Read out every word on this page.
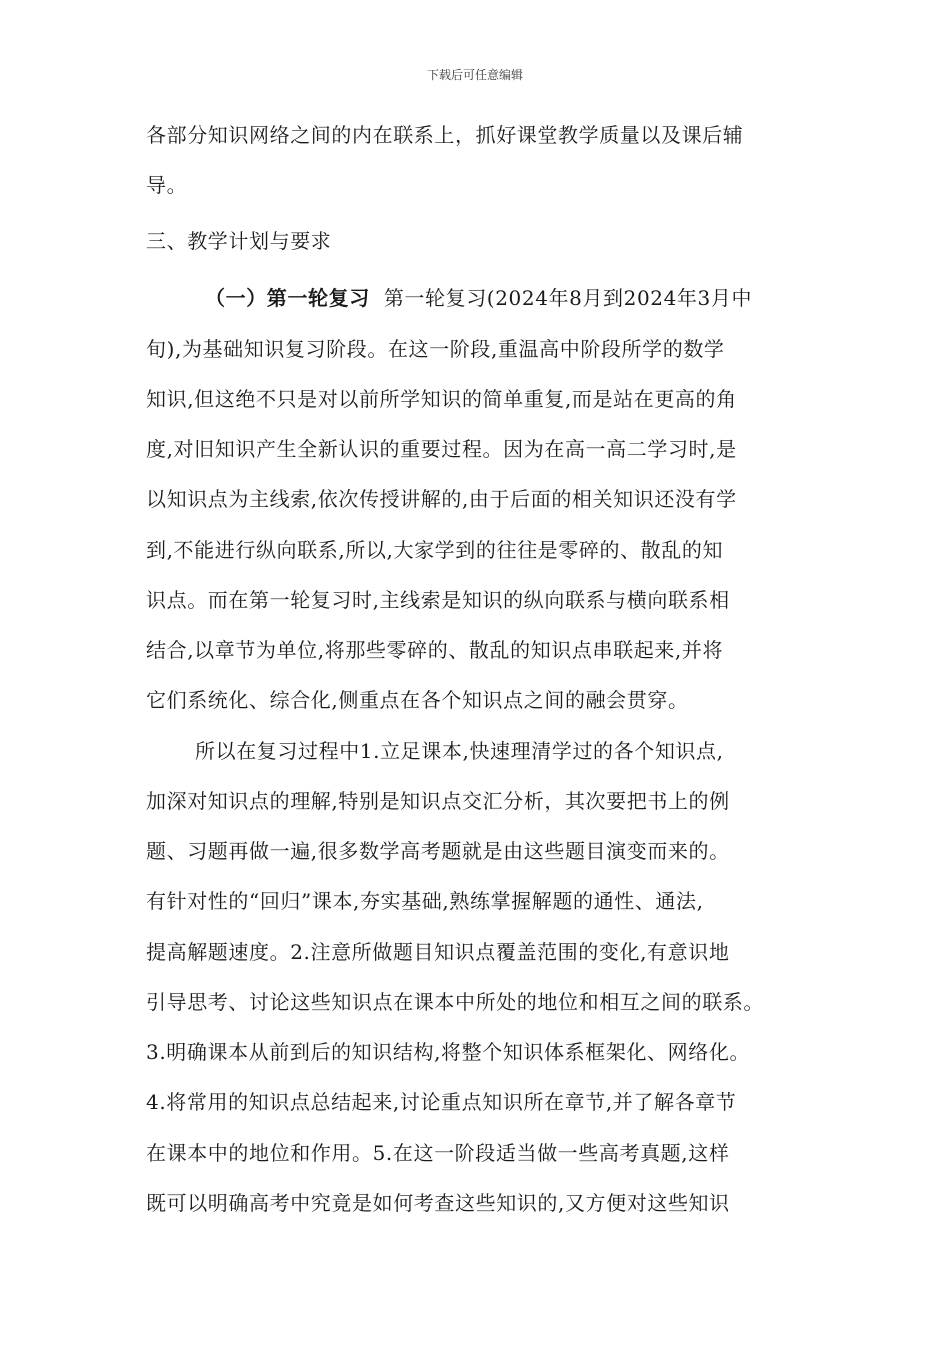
下载后可任意编辑
各部分知识网络之间的内在联系上，抓好课堂教学质量以及课后辅
导。
三、教学计划与要求
（一）第一轮复习 第一轮复习(2024年8月到2024年3月中
旬),为基础知识复习阶段。在这一阶段,重温高中阶段所学的数学
知识,但这绝不只是对以前所学知识的简单重复,而是站在更高的角
度,对旧知识产生全新认识的重要过程。因为在高一高二学习时,是
以知识点为主线索,依次传授讲解的,由于后面的相关知识还没有学
到,不能进行纵向联系,所以,大家学到的往往是零碎的、散乱的知
识点。而在第一轮复习时,主线索是知识的纵向联系与横向联系相
结合,以章节为单位,将那些零碎的、散乱的知识点串联起来,并将
它们系统化、综合化,侧重点在各个知识点之间的融会贯穿。
所以在复习过程中1.立足课本,快速理清学过的各个知识点,
加深对知识点的理解,特别是知识点交汇分析，其次要把书上的例
题、习题再做一遍,很多数学高考题就是由这些题目演变而来的。
有针对性的“回归”课本,夯实基础,熟练掌握解题的通性、通法,
提高解题速度。2.注意所做题目知识点覆盖范围的变化,有意识地
引导思考、讨论这些知识点在课本中所处的地位和相互之间的联系。
3.明确课本从前到后的知识结构,将整个知识体系框架化、网络化。
4.将常用的知识点总结起来,讨论重点知识所在章节,并了解各章节
在课本中的地位和作用。5.在这一阶段适当做一些高考真题,这样
既可以明确高考中究竟是如何考查这些知识的,又方便对这些知识
